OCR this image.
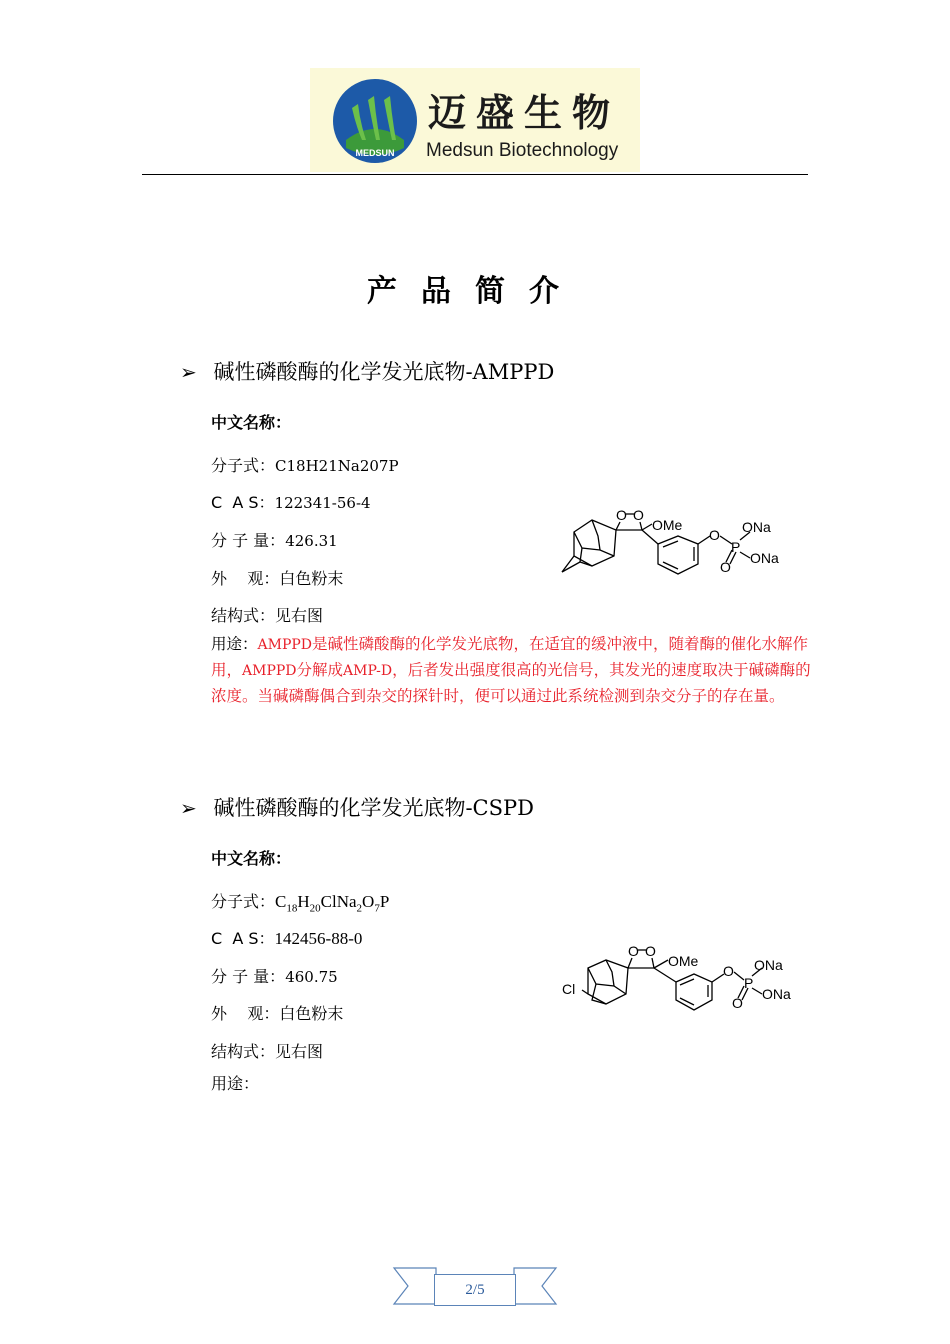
MEDSUN
迈盛生物
Medsun Biotechnology
产品简介
➢ 碱性磷酸酶的化学发光底物-AMPPD
中文名称：
分子式：C18H21Na207P
C  A S：122341-56-4
分 子 量：426.31
外    观：白色粉末
结构式：见右图
用途：AMPPD是碱性磷酸酶的化学发光底物，在适宜的缓冲液中，随着酶的催化水解作用，AMPPD分解成AMP-D，后者发出强度很高的光信号，其发光的速度取决于碱磷酶的浓度。当碱磷酶偶合到杂交的探针时，便可以通过此系统检测到杂交分子的存在量。
O O
OMe
O
P
ONa
ONa
O
➢ 碱性磷酸酶的化学发光底物-CSPD
中文名称：
分子式：$C_{18}H_{20}ClNa_2O_7P$
C  A S：142456-88-0
分 子 量：460.75
外    观：白色粉末
结构式：见右图
用途：
Cl
O O
OMe
O
P
ONa
ONa
O
2/5
